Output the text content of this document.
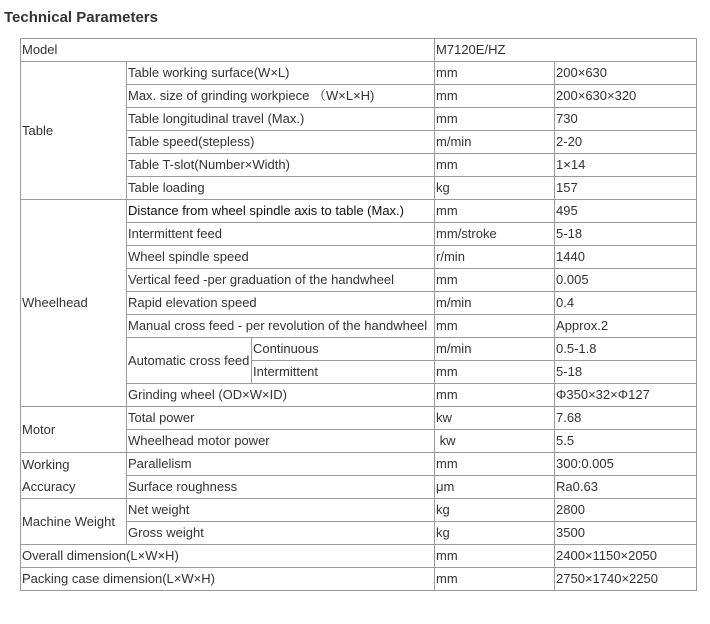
Technical Parameters
Model			M7120E/HZ	
Table	Table working surface(W×L)		mm	200×630
	Max. size of grinding workpiece （W×L×H)		mm	200×630×320
	Table longitudinal travel (Max.)		mm	730
	Table speed(stepless)		m/min	2-20
	Table T-slot(Number×Width)		mm	1×14
	Table loading		kg	157
Wheelhead	Distance from wheel spindle axis to table (Max.)		mm	495
	Intermittent feed		mm/stroke	5-18
	Wheel spindle speed		r/min	1440
	Vertical feed -per graduation of the handwheel		mm	0.005
	Rapid elevation speed		m/min	0.4
	Manual cross feed - per revolution of the handwheel		mm	Approx.2

	Automatic cross feed	Continuous	m/min	0.5-1.8
		Intermittent	mm	5-18
	Grinding wheel (OD×W×ID)		mm	Φ350×32×Φ127
Motor	Total power		kw	7.68
	Wheelhead motor power		kw	5.5
Working Accuracy	Parallelism		mm	300:0.005
	Surface roughness		μm	Ra0.63
Machine Weight	Net weight		kg	2800
	Gross weight		kg	3500
Overall dimension(L×W×H)			mm	2400×1150×2050
Packing case dimension(L×W×H)			mm	2750×1740×2250
